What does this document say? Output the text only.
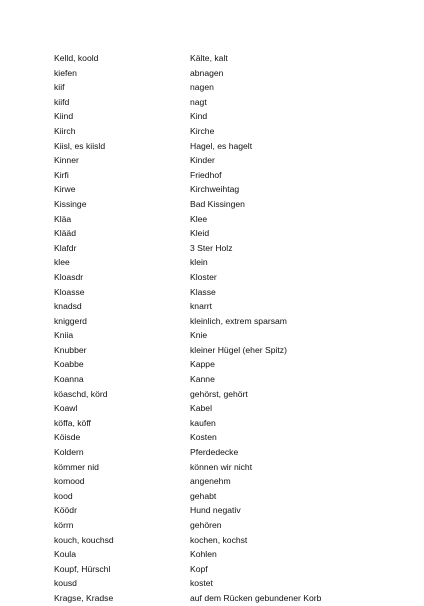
Kelld, koold	Kälte, kalt
kiefen	abnagen
kiif	nagen
kiifd	nagt
Kiind	Kind
Kiirch	Kirche
Kiisl, es kiisld	Hagel, es hagelt
Kinner	Kinder
Kirfi	Friedhof
Kirwe	Kirchweihtag
Kissinge	Bad Kissingen
Kläa	Klee
Klääd	Kleid
Klafdr	3 Ster Holz
klee	klein
Kloasdr	Kloster
Kloasse	Klasse
knadsd	knarrt
kniggerd	kleinlich, extrem sparsam
Kniia	Knie
Knubber	kleiner Hügel (eher Spitz)
Koabbe	Kappe
Koanna	Kanne
köaschd, körd	gehörst, gehört
Koawl	Kabel
köffa, köff	kaufen
Köisde	Kosten
Koldern	Pferdedecke
kömmer nid	können wir nicht
komood	angenehm
kood	gehabt
Köödr	Hund negativ
körrn	gehören
kouch, kouchsd	kochen, kochst
Koula	Kohlen
Koupf, Hürschl	Kopf
kousd	kostet
Kragse, Kradse	auf dem Rücken gebundener Korb
